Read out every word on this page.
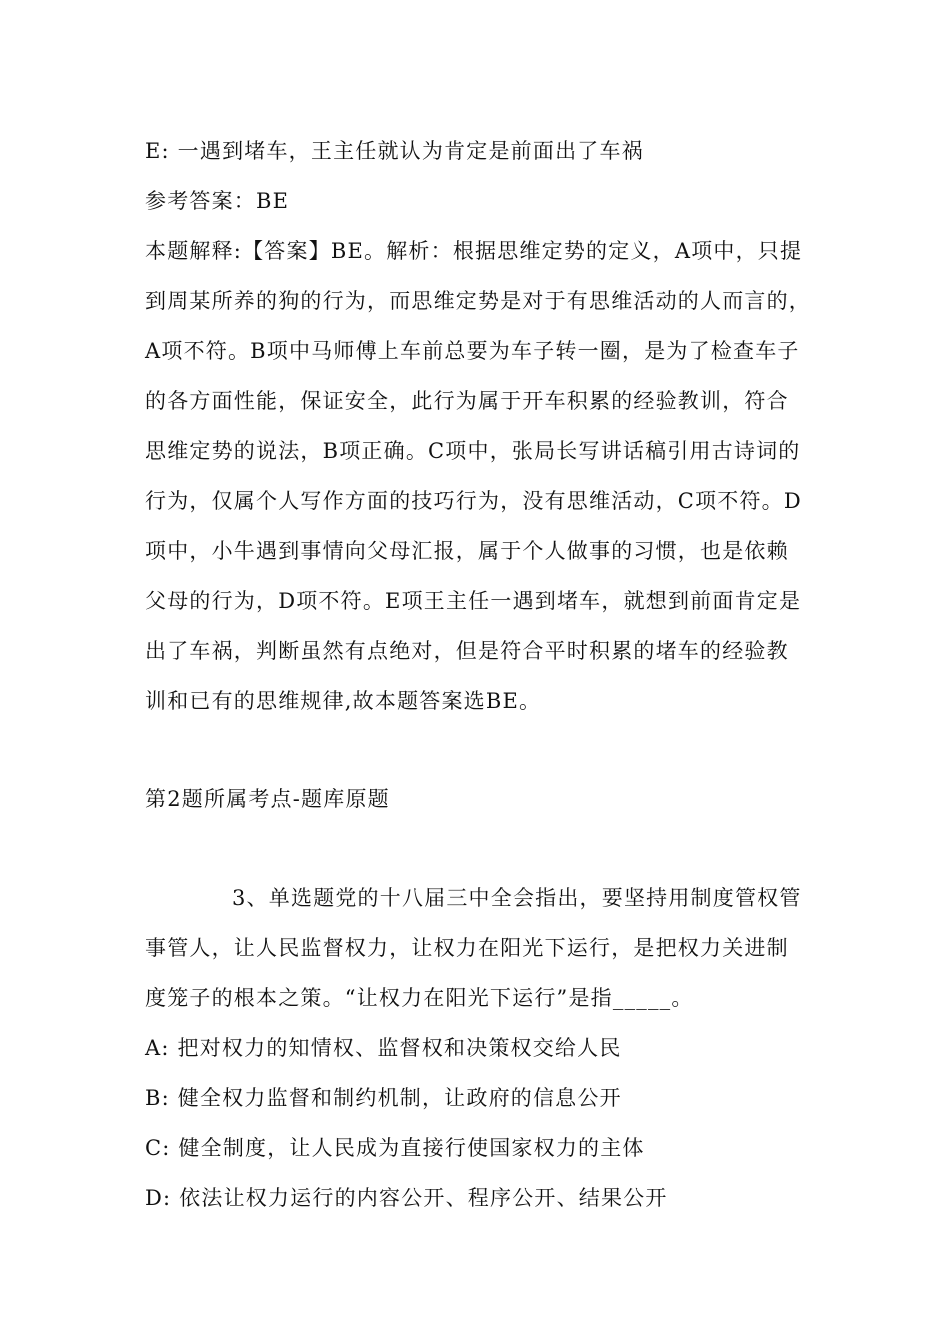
E: 一遇到堵车，王主任就认为肯定是前面出了车祸
参考答案：BE
本题解释:【答案】BE。解析：根据思维定势的定义，A项中，只提
到周某所养的狗的行为，而思维定势是对于有思维活动的人而言的，
A项不符。B项中马师傅上车前总要为车子转一圈，是为了检查车子
的各方面性能，保证安全，此行为属于开车积累的经验教训，符合
思维定势的说法，B项正确。C项中，张局长写讲话稿引用古诗词的
行为，仅属个人写作方面的技巧行为，没有思维活动，C项不符。D
项中，小牛遇到事情向父母汇报，属于个人做事的习惯，也是依赖
父母的行为，D项不符。E项王主任一遇到堵车，就想到前面肯定是
出了车祸，判断虽然有点绝对，但是符合平时积累的堵车的经验教
训和已有的思维规律,故本题答案选BE。
第2题所属考点-题库原题
3、单选题党的十八届三中全会指出，要坚持用制度管权管
事管人，让人民监督权力，让权力在阳光下运行，是把权力关进制
度笼子的根本之策。“让权力在阳光下运行”是指_____。
A: 把对权力的知情权、监督权和决策权交给人民
B: 健全权力监督和制约机制，让政府的信息公开
C: 健全制度，让人民成为直接行使国家权力的主体
D: 依法让权力运行的内容公开、程序公开、结果公开
